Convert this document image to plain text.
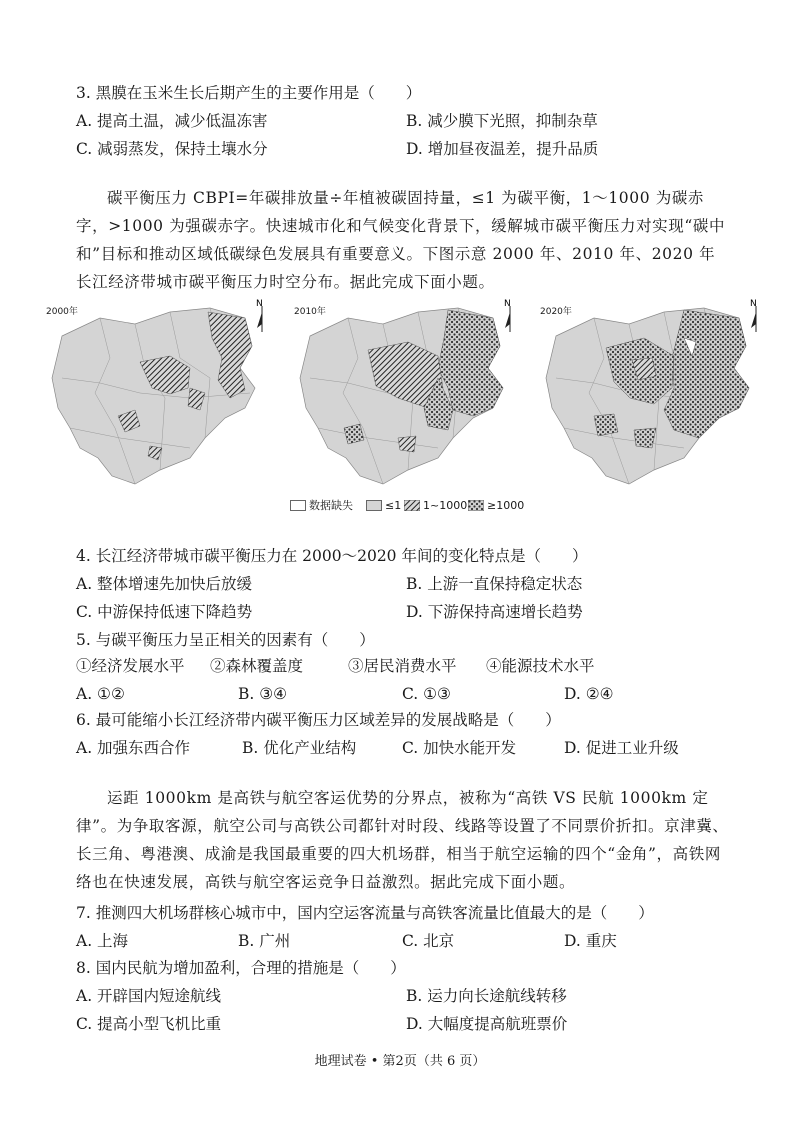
3. 黑膜在玉米生长后期产生的主要作用是（　　）
A. 提高土温，减少低温冻害	B. 减少膜下光照，抑制杂草
C. 减弱蒸发，保持土壤水分	D. 增加昼夜温差，提升品质
碳平衡压力 CBPI=年碳排放量÷年植被碳固持量，≤1 为碳平衡，1～1000 为碳赤字，>1000 为强碳赤字。快速城市化和气候变化背景下，缓解城市碳平衡压力对实现“碳中和”目标和推动区域低碳绿色发展具有重要意义。下图示意 2000 年、2010 年、2020 年长江经济带城市碳平衡压力时空分布。据此完成下面小题。
2000年
N
2010年
N
2020年
N
数据缺失	≤1 1~1000 ≥1000
4. 长江经济带城市碳平衡压力在 2000～2020 年间的变化特点是（　　）
A. 整体增速先加快后放缓	B. 上游一直保持稳定状态
C. 中游保持低速下降趋势	D. 下游保持高速增长趋势
5. 与碳平衡压力呈正相关的因素有（　　）
①经济发展水平 ②森林覆盖度	③居民消费水平 ④能源技术水平
A. ①②	B. ③④	C. ①③	D. ②④
6. 最可能缩小长江经济带内碳平衡压力区域差异的发展战略是（　　）
A. 加强东西合作	B. 优化产业结构	C. 加快水能开发	D. 促进工业升级
运距 1000km 是高铁与航空客运优势的分界点，被称为“高铁 VS 民航 1000km 定律”。为争取客源，航空公司与高铁公司都针对时段、线路等设置了不同票价折扣。京津冀、长三角、粤港澳、成渝是我国最重要的四大机场群，相当于航空运输的四个“金角”，高铁网络也在快速发展，高铁与航空客运竞争日益激烈。据此完成下面小题。
7. 推测四大机场群核心城市中，国内空运客流量与高铁客流量比值最大的是（　　）
A. 上海	B. 广州	C. 北京	D. 重庆
8. 国内民航为增加盈利，合理的措施是（　　）
A. 开辟国内短途航线	B. 运力向长途航线转移
C. 提高小型飞机比重	D. 大幅度提高航班票价
地理试卷 • 第2页（共 6 页）
